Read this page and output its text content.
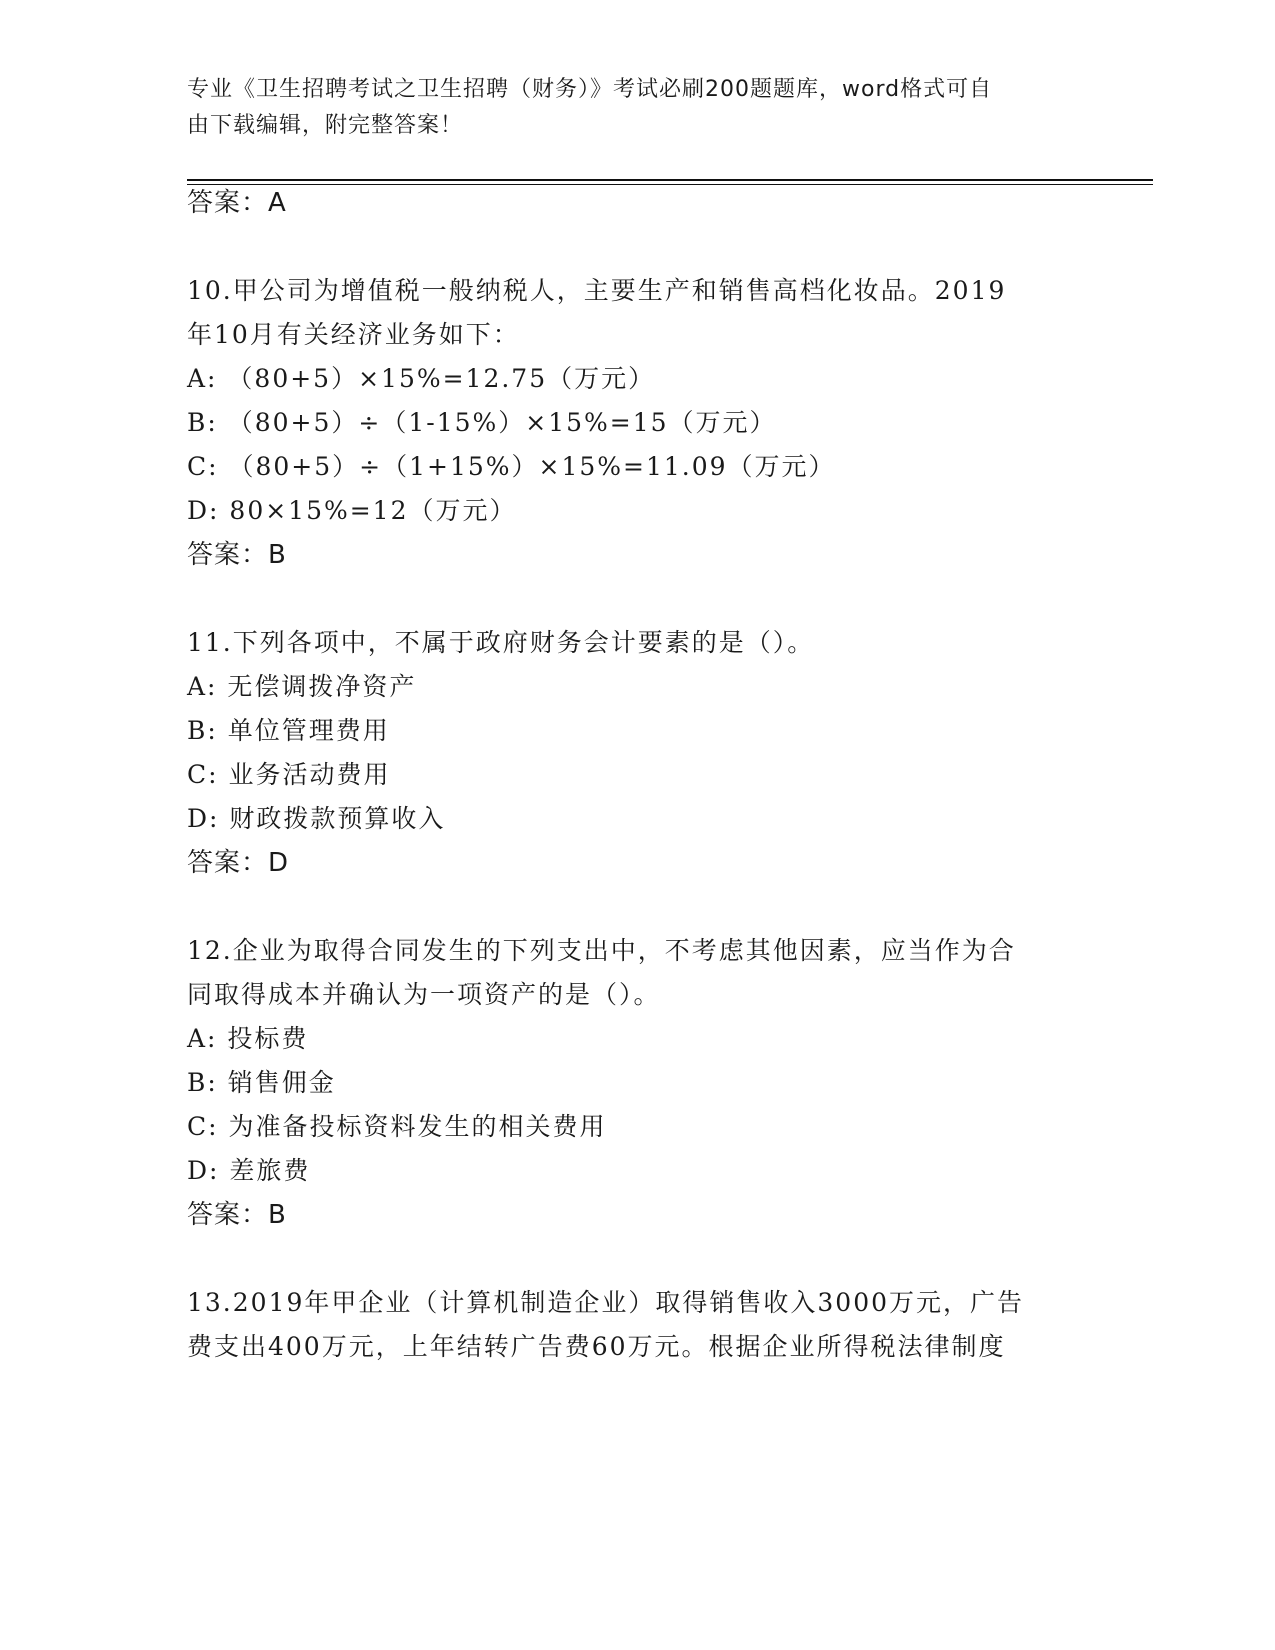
专业《卫生招聘考试之卫生招聘（财务）》考试必刷200题题库，word格式可自
由下载编辑，附完整答案！
答案：A
10.甲公司为增值税一般纳税人，主要生产和销售高档化妆品。2019
年10月有关经济业务如下：
A: （80+5）×15%=12.75（万元）
B: （80+5）÷（1-15%）×15%=15（万元）
C: （80+5）÷（1+15%）×15%=11.09（万元）
D: 80×15%=12（万元）
答案：B
11.下列各项中，不属于政府财务会计要素的是（）。
A: 无偿调拨净资产
B: 单位管理费用
C: 业务活动费用
D: 财政拨款预算收入
答案：D
12.企业为取得合同发生的下列支出中，不考虑其他因素，应当作为合
同取得成本并确认为一项资产的是（）。
A: 投标费
B: 销售佣金
C: 为准备投标资料发生的相关费用
D: 差旅费
答案：B
13.2019年甲企业（计算机制造企业）取得销售收入3000万元，广告
费支出400万元，上年结转广告费60万元。根据企业所得税法律制度
